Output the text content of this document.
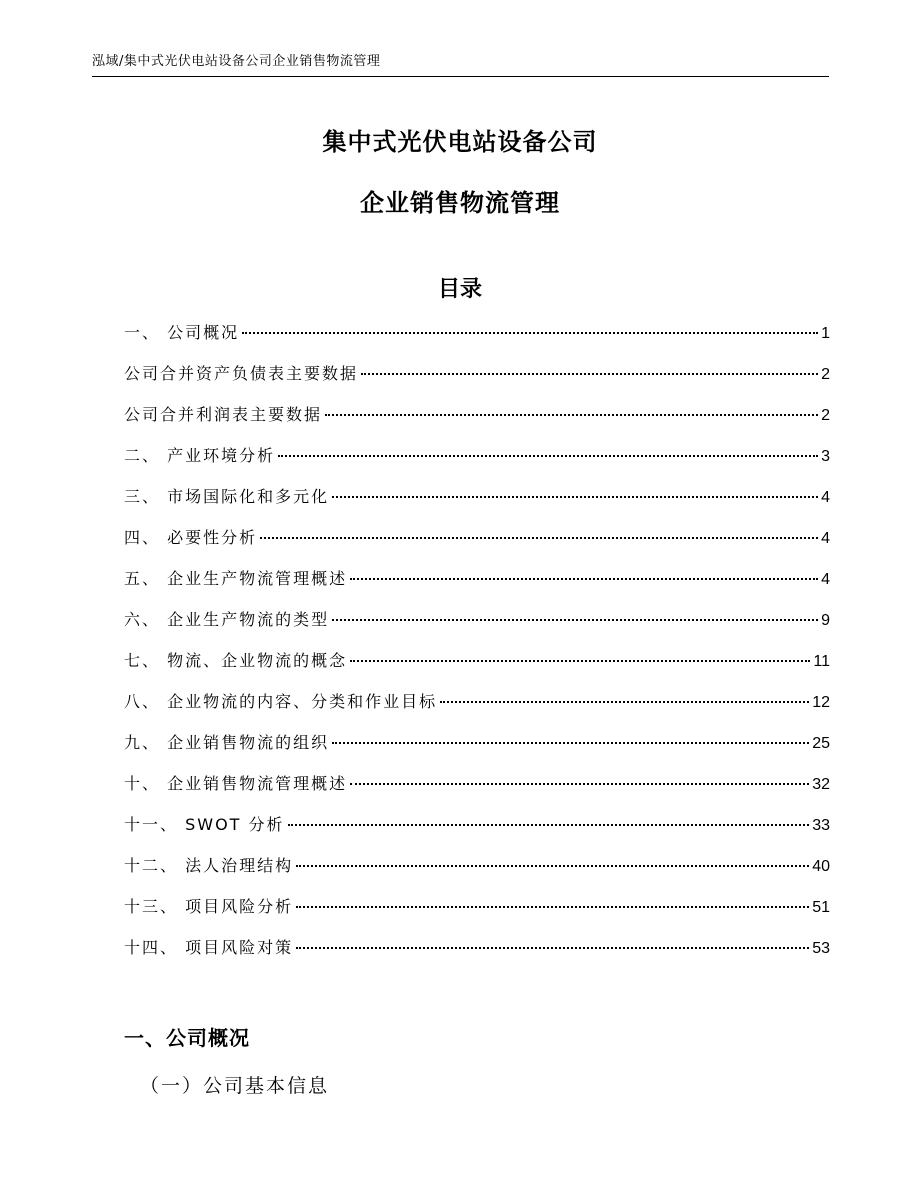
泓域/集中式光伏电站设备公司企业销售物流管理
集中式光伏电站设备公司
企业销售物流管理
目录
一、 公司概况	1
公司合并资产负债表主要数据	2
公司合并利润表主要数据	2
二、 产业环境分析	3
三、 市场国际化和多元化	4
四、 必要性分析	4
五、 企业生产物流管理概述	4
六、 企业生产物流的类型	9
七、 物流、企业物流的概念	11
八、 企业物流的内容、分类和作业目标	12
九、 企业销售物流的组织	25
十、 企业销售物流管理概述	32
十一、 SWOT 分析	33
十二、 法人治理结构	40
十三、 项目风险分析	51
十四、 项目风险对策	53
一、公司概况
（一）公司基本信息
